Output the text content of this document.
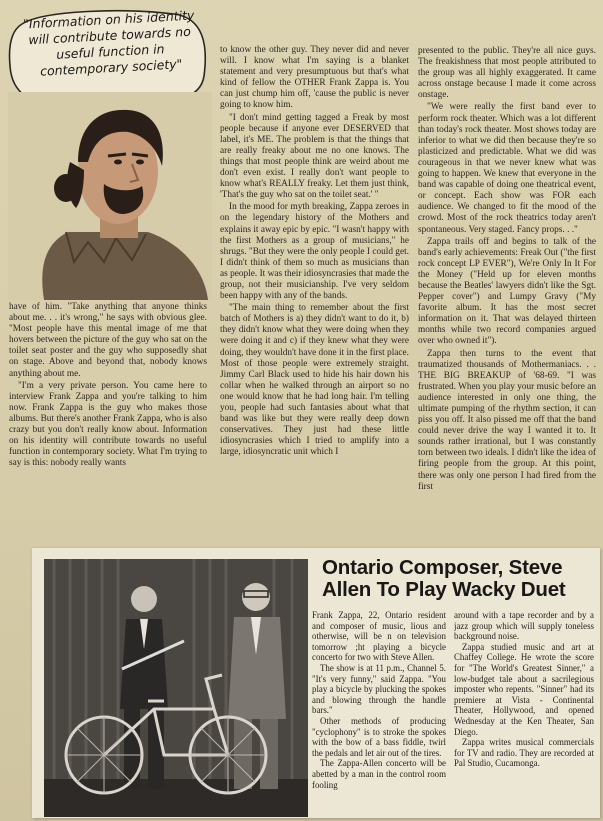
"Information on his identity will contribute towards no useful function in contemporary society"

have of him. "Take anything that anyone thinks about me. . . it's wrong," he says with obvious glee. "Most people have this mental image of me that hovers between the picture of the guy who sat on the toilet seat poster and the guy who supposedly shat on stage. Above and beyond that, nobody knows anything about me.

"I'm a very private person. You came here to interview Frank Zappa and you're talking to him now. Frank Zappa is the guy who makes those albums. But there's another Frank Zappa, who is also crazy but you don't really know about. Information on his identity will contribute towards no useful function in contemporary society. What I'm trying to say is this: nobody really wants

to know the other guy. They never did and never will. I know what I'm saying is a blanket statement and very presumptuous but that's what kind of fellow the OTHER Frank Zappa is. You can just chump him off, 'cause the public is never going to know him.

"I don't mind getting tagged a Freak by most people because if anyone ever DESERVED that label, it's ME. The problem is that the things that are really freaky about me no one knows. The things that most people think are weird about me don't even exist. I really don't want people to know what's REALLY freaky. Let them just think, 'That's the guy who sat on the toilet seat.' "

In the mood for myth breaking, Zappa zeroes in on the legendary history of the Mothers and explains it away epic by epic. "I wasn't happy with the first Mothers as a group of musicians," he shrugs. "But they were the only people I could get. I didn't think of them so much as musicians than as people. It was their idiosyncrasies that made the group, not their musicianship. I've very seldom been happy with any of the bands.

"The main thing to remember about the first batch of Mothers is a) they didn't want to do it, b) they didn't know what they were doing when they were doing it and c) if they knew what they were doing, they wouldn't have done it in the first place. Most of those people were extremely straight. Jimmy Carl Black used to hide his hair down his collar when he walked through an airport so no one would know that he had long hair. I'm telling you, people had such fantasies about what that band was like but they were really deep down conservatives. They just had these little idiosyncrasies which I tried to amplify into a large, idiosyncratic unit which I

presented to the public. They're all nice guys. The freakishness that most people attributed to the group was all highly exaggerated. It came across onstage because I made it come across onstage.

"We were really the first band ever to perform rock theater. Which was a lot different than today's rock theater. Most shows today are inferior to what we did then because they're so plasticized and predictable. What we did was courageous in that we never knew what was going to happen. We knew that everyone in the band was capable of doing one theatrical event, or concept. Each show was FOR each audience. We changed to fit the mood of the crowd. Most of the rock theatrics today aren't spontaneous. Very staged. Fancy props. . ."

Zappa trails off and begins to talk of the band's early achievements: Freak Out ("the first rock concept LP EVER"), We're Only In It For the Money ("Held up for eleven months because the Beatles' lawyers didn't like the Sgt. Pepper cover") and Lumpy Gravy ("My favorite album. It has the most secret information on it. That was delayed thirteen months while two record companies argued over who owned it").

Zappa then turns to the event that traumatized thousands of Mothermaniacs. . . THE BIG BREAKUP of '68-69. "I was frustrated. When you play your music before an audience interested in only one thing, the ultimate pumping of the rhythm section, it can piss you off. It also pissed me off that the band could never drive the way I wanted it to. It sounds rather irrational, but I was constantly torn between two ideals. I didn't like the idea of firing people from the group. At this point, there was only one person I had fired from the first

Ontario Composer, Steve Allen To Play Wacky Duet

Frank Zappa, 22, Ontario resident and composer of music, lious and otherwise, will be n on television tomorrow ;ht playing a bicycle concerto for two with Steve Allen.

The show is at 11 p.m., Channel 5. "It's very funny," said Zappa. "You play a bicycle by plucking the spokes and blowing through the handle bars."

Other methods of producing "cyclophony" is to stroke the spokes with the bow of a bass fiddle, twirl the pedals and let air out of the tires.

The Zappa-Allen concerto will be abetted by a man in the control room fooling

around with a tape recorder and by a jazz group which will supply toneless background noise.

Zappa studied music and art at Chaffey College. He wrote the score for "The World's Greatest Sinner," a low-budget tale about a sacrilegious imposter who repents. "Sinner" had its premiere at Vista - Continental Theater, Hollywood, and opened Wednesday at the Ken Theater, San Diego.

Zappa writes musical commercials for TV and radio. They are recorded at Pal Studio, Cucamonga.
